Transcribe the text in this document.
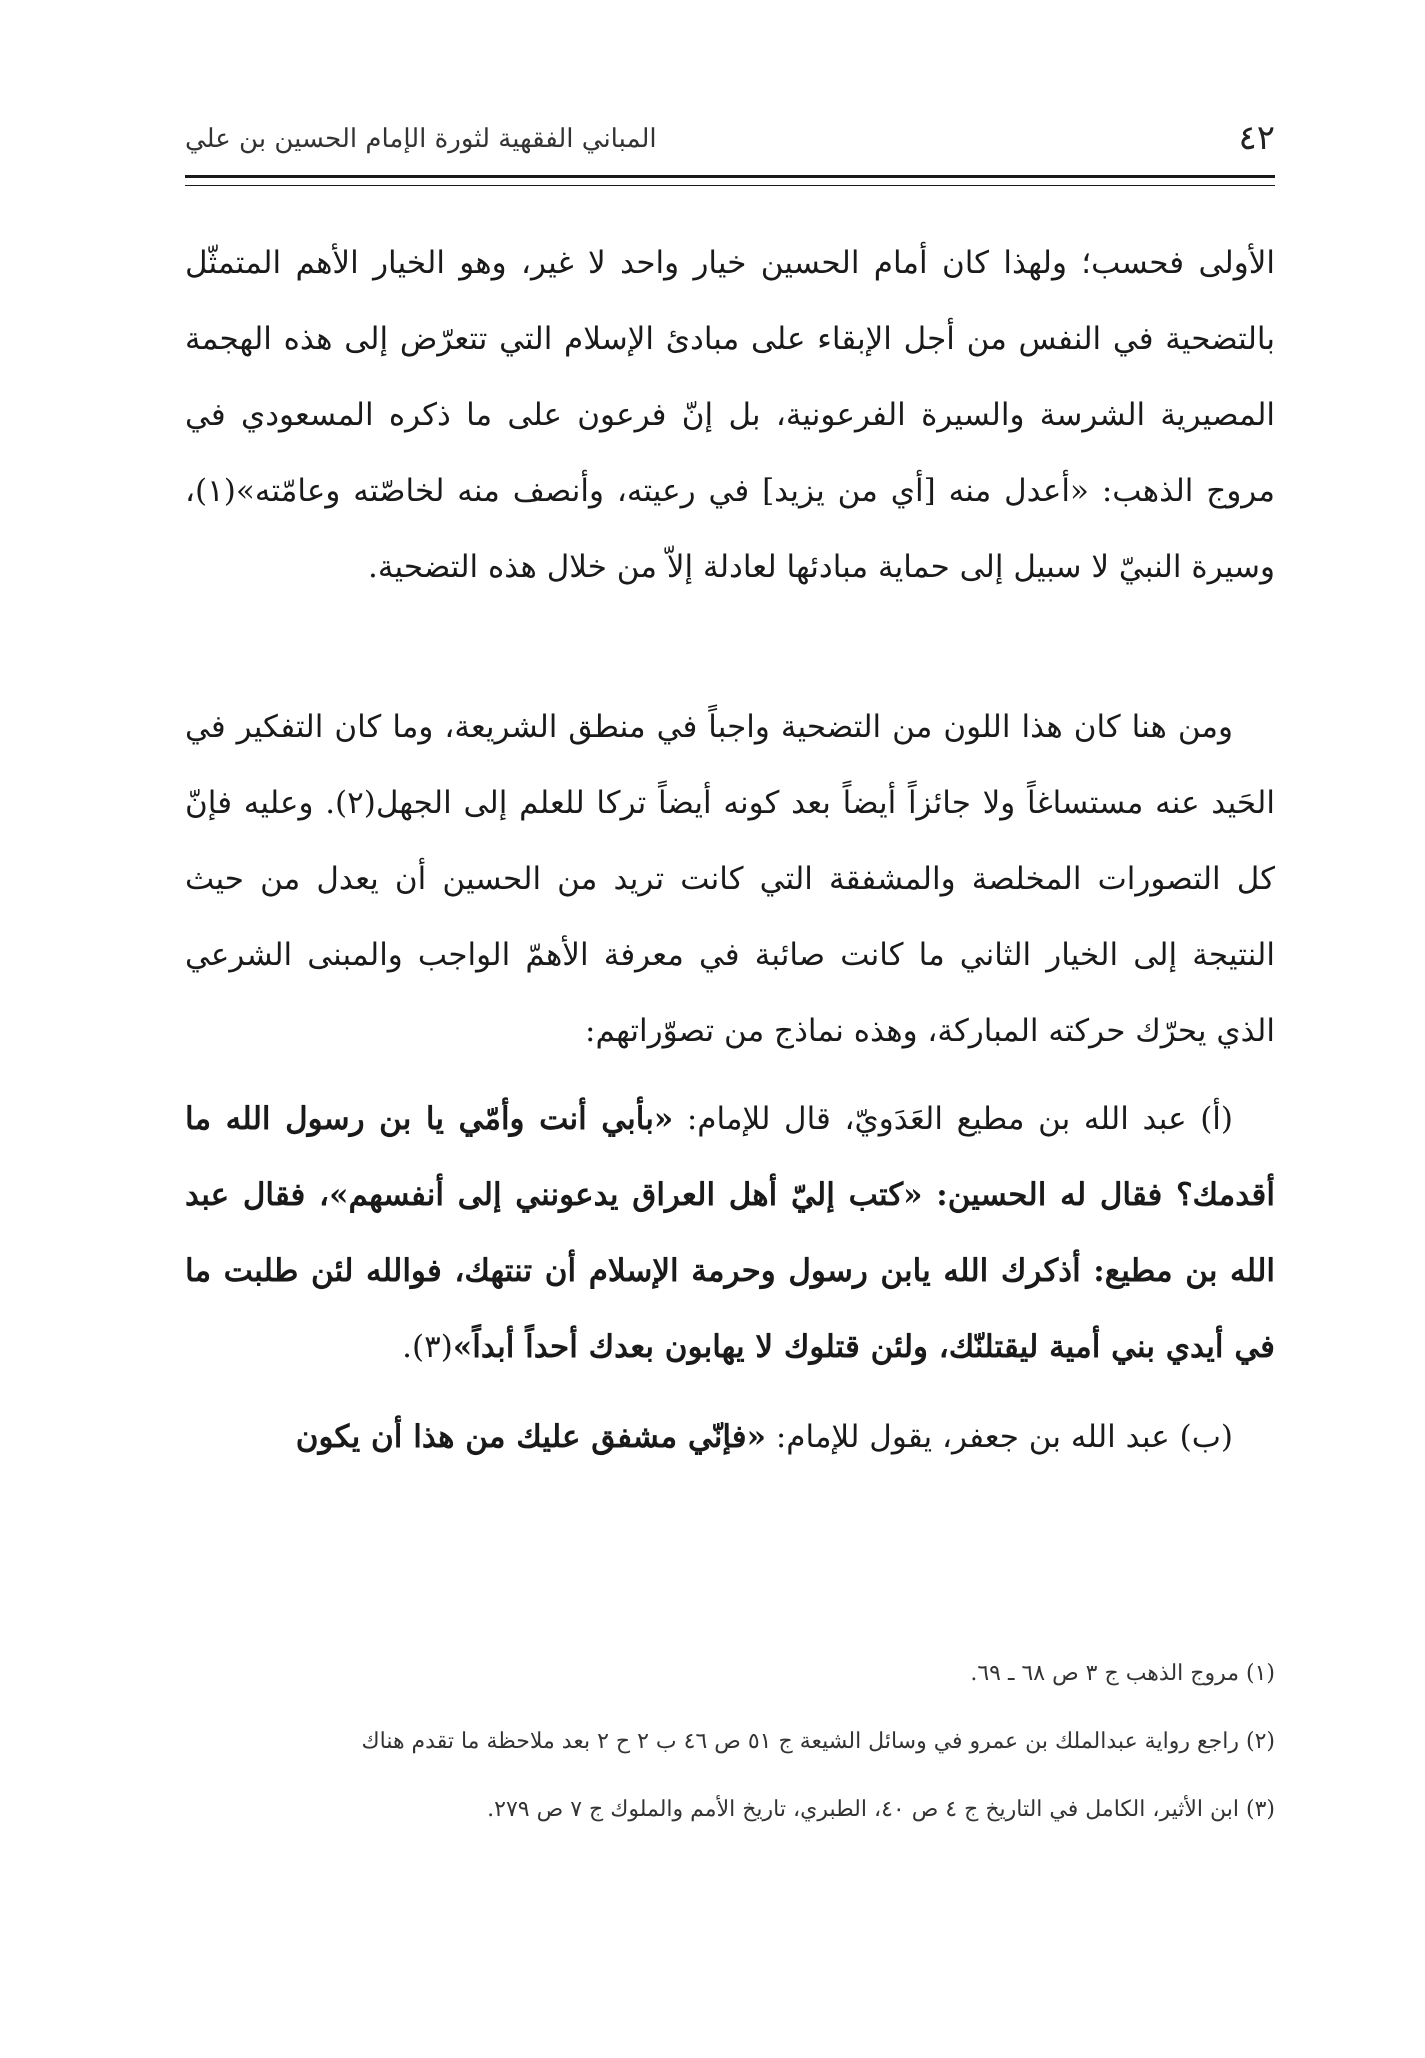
٤٢
المباني الفقهية لثورة الإمام الحسين بن علي

الأولى فحسب؛ ولهذا كان أمام الحسين خيار واحد لا غير، وهو الخيار الأهم المتمثّل بالتضحية في النفس من أجل الإبقاء على مبادئ الإسلام التي تتعرّض إلى هذه الهجمة المصيرية الشرسة والسيرة الفرعونية، بل إنّ فرعون على ما ذكره المسعودي في مروج الذهب: «أعدل منه [أي من يزيد] في رعيته، وأنصف منه لخاصّته وعامّته»(١)، وسيرة النبيّ لا سبيل إلى حماية مبادئها لعادلة إلاّ من خلال هذه التضحية.

ومن هنا كان هذا اللون من التضحية واجباً في منطق الشريعة، وما كان التفكير في الحَيد عنه مستساغاً ولا جائزاً أيضاً بعد كونه أيضاً تركا للعلم إلى الجهل(٢). وعليه فإنّ كل التصورات المخلصة والمشفقة التي كانت تريد من الحسين أن يعدل من حيث النتيجة إلى الخيار الثاني ما كانت صائبة في معرفة الأهمّ الواجب والمبنى الشرعي الذي يحرّك حركته المباركة، وهذه نماذج من تصوّراتهم:

(أ) عبد الله بن مطيع العَدَويّ، قال للإمام: «بأبي أنت وأمّي يا بن رسول الله ما أقدمك؟ فقال له الحسين: «كتب إليّ أهل العراق يدعونني إلى أنفسهم»، فقال عبد الله بن مطيع: أذكرك الله يابن رسول وحرمة الإسلام أن تنتهك، فوالله لئن طلبت ما في أيدي بني أمية ليقتلنّك، ولئن قتلوك لا يهابون بعدك أحداً أبداً»(٣).

(ب) عبد الله بن جعفر، يقول للإمام: «فإنّي مشفق عليك من هذا أن يكون

(١) مروج الذهب ج ٣ ص ٦٨ ـ ٦٩.

(٢) راجع رواية عبدالملك بن عمرو في وسائل الشيعة ج ٥١ ص ٤٦ ب ٢ ح ٢ بعد ملاحظة ما تقدم هناك

(٣) ابن الأثير، الكامل في التاريخ ج ٤ ص ٤٠، الطبري، تاريخ الأمم والملوك ج ٧ ص ٢٧٩.
